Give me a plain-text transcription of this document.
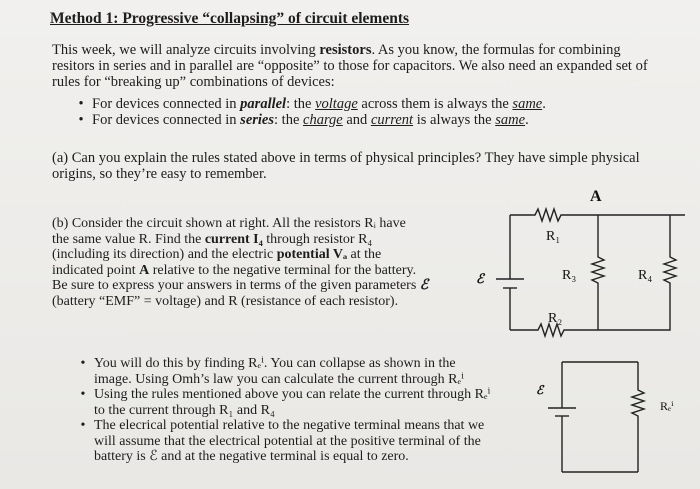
Method 1: Progressive “collapsing” of circuit elements

This week, we will analyze circuits involving resistors. As you know, the formulas for combining

resitors in series and in parallel are “opposite” to those for capacitors. We also need an expanded set of

rules for “breaking up” combinations of devices:

• For devices connected in parallel: the voltage across them is always the same.
• For devices connected in series: the charge and current is always the same.

(a) Can you explain the rules stated above in terms of physical principles? They have simple physical

origins, so they’re easy to remember.

(b) Consider the circuit shown at right. All the resistors Rᵢ have

the same value R. Find the current I₄ through resistor R₄

(including its direction) and the electric potential Vₐ at the

indicated point A relative to the negative terminal for the battery.

Be sure to express your answers in terms of the given parameters ℰ

(battery “EMF” = voltage) and R (resistance of each resistor).

• You will do this by finding Rₑⁱ. You can collapse as shown in the
image. Using Omh’s law you can calculate the current through Rₑⁱ
• Using the rules mentioned above you can relate the current through Rₑⁱ
to the current through R₁ and R₄
• The elecrical potential relative to the negative terminal means that we
will assume that the electrical potential at the positive terminal of the
battery is ℰ and at the negative terminal is equal to zero.
A
R₁
R₂
R₃	R₄
ℰ
ℰ
Rₑⁱ
